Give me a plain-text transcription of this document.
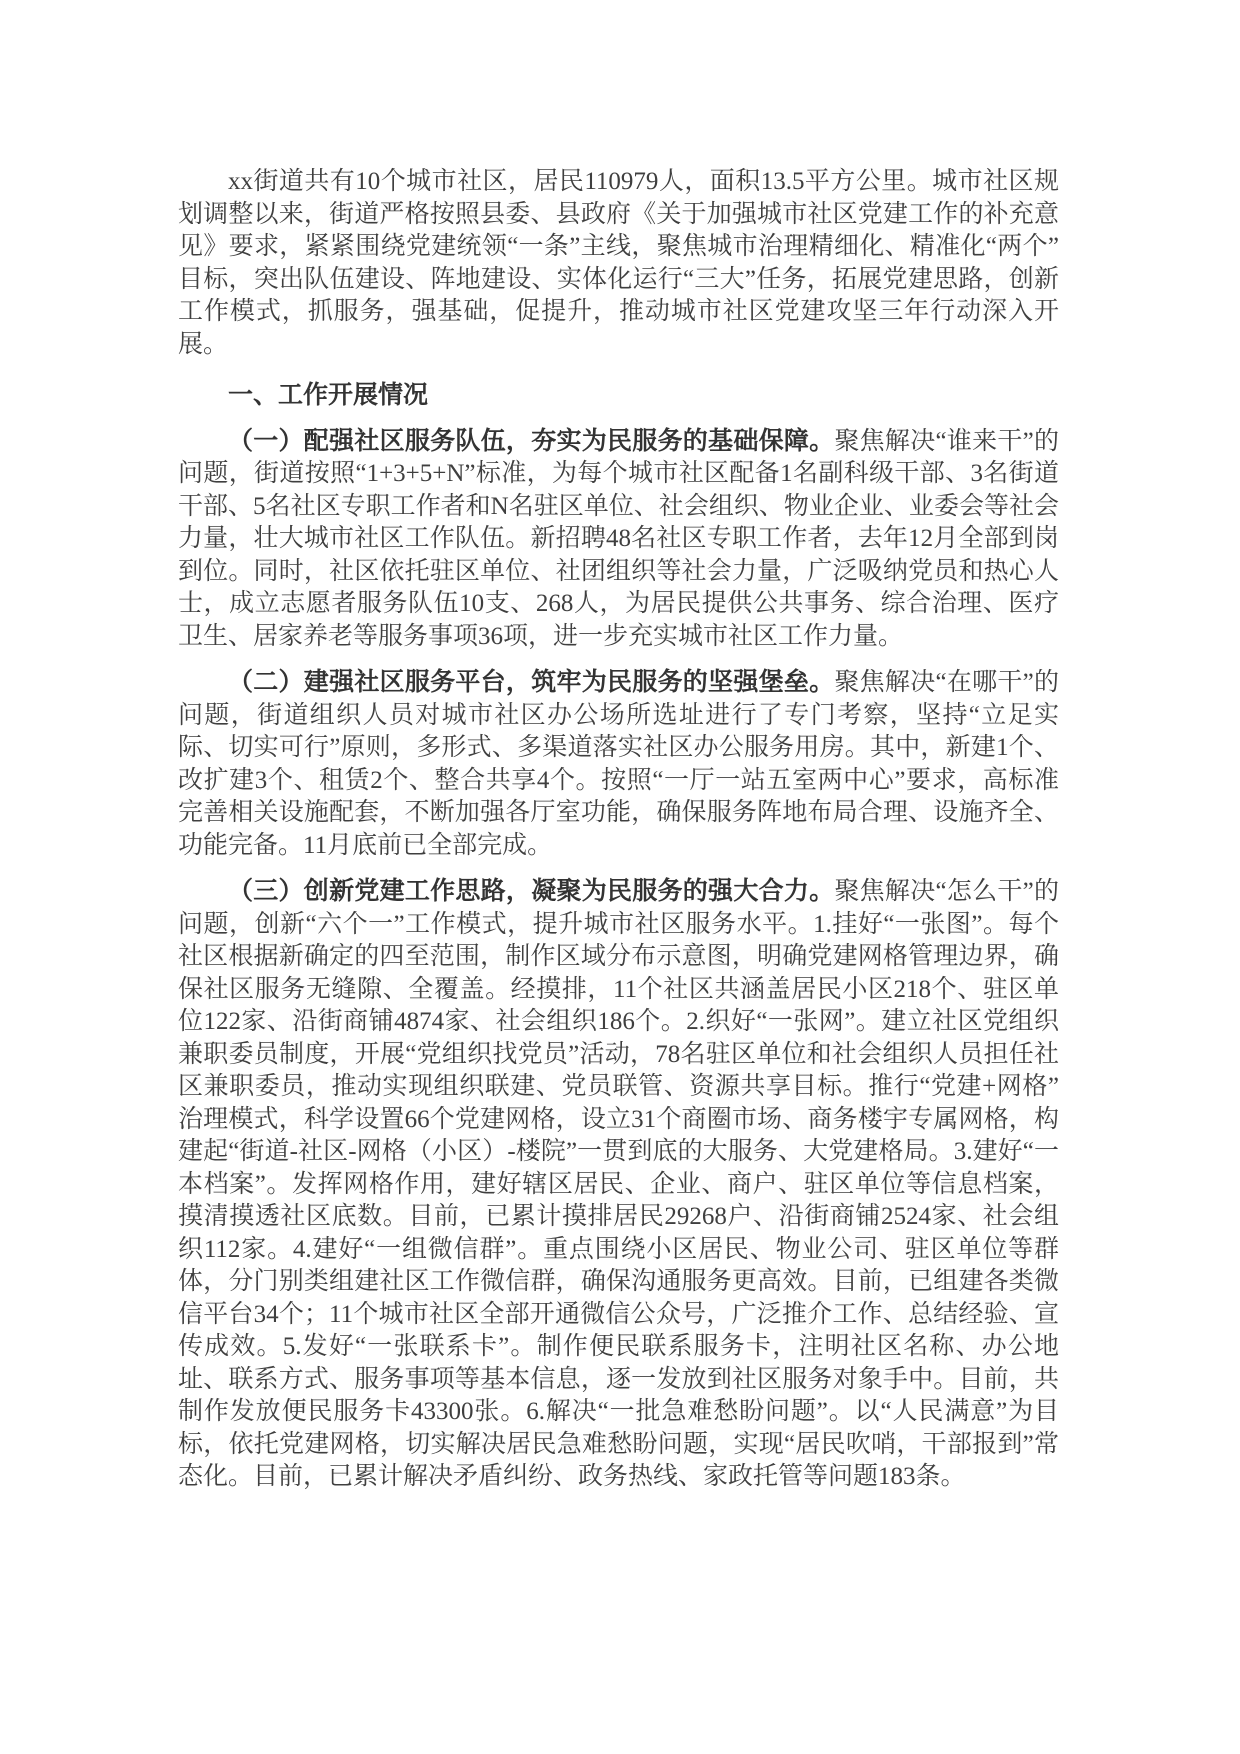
xx街道共有10个城市社区，居民110979人，面积13.5平方公里。城市社区规划调整以来，街道严格按照县委、县政府《关于加强城市社区党建工作的补充意见》要求，紧紧围绕党建统领“一条”主线，聚焦城市治理精细化、精准化“两个”目标，突出队伍建设、阵地建设、实体化运行“三大”任务，拓展党建思路，创新工作模式，抓服务，强基础，促提升，推动城市社区党建攻坚三年行动深入开展。

一、工作开展情况

（一）配强社区服务队伍，夯实为民服务的基础保障。聚焦解决“谁来干”的问题，街道按照“1+3+5+N”标准，为每个城市社区配备1名副科级干部、3名街道干部、5名社区专职工作者和N名驻区单位、社会组织、物业企业、业委会等社会力量，壮大城市社区工作队伍。新招聘48名社区专职工作者，去年12月全部到岗到位。同时，社区依托驻区单位、社团组织等社会力量，广泛吸纳党员和热心人士，成立志愿者服务队伍10支、268人，为居民提供公共事务、综合治理、医疗卫生、居家养老等服务事项36项，进一步充实城市社区工作力量。

（二）建强社区服务平台，筑牢为民服务的坚强堡垒。聚焦解决“在哪干”的问题，街道组织人员对城市社区办公场所选址进行了专门考察，坚持“立足实际、切实可行”原则，多形式、多渠道落实社区办公服务用房。其中，新建1个、改扩建3个、租赁2个、整合共享4个。按照“一厅一站五室两中心”要求，高标准完善相关设施配套，不断加强各厅室功能，确保服务阵地布局合理、设施齐全、功能完备。11月底前已全部完成。

（三）创新党建工作思路，凝聚为民服务的强大合力。聚焦解决“怎么干”的问题，创新“六个一”工作模式，提升城市社区服务水平。1.挂好“一张图”。每个社区根据新确定的四至范围，制作区域分布示意图，明确党建网格管理边界，确保社区服务无缝隙、全覆盖。经摸排，11个社区共涵盖居民小区218个、驻区单位122家、沿街商铺4874家、社会组织186个。2.织好“一张网”。建立社区党组织兼职委员制度，开展“党组织找党员”活动，78名驻区单位和社会组织人员担任社区兼职委员，推动实现组织联建、党员联管、资源共享目标。推行“党建+网格”治理模式，科学设置66个党建网格，设立31个商圈市场、商务楼宇专属网格，构建起“街道-社区-网格（小区）-楼院”一贯到底的大服务、大党建格局。3.建好“一本档案”。发挥网格作用，建好辖区居民、企业、商户、驻区单位等信息档案，摸清摸透社区底数。目前，已累计摸排居民29268户、沿街商铺2524家、社会组织112家。4.建好“一组微信群”。重点围绕小区居民、物业公司、驻区单位等群体，分门别类组建社区工作微信群，确保沟通服务更高效。目前，已组建各类微信平台34个；11个城市社区全部开通微信公众号，广泛推介工作、总结经验、宣传成效。5.发好“一张联系卡”。制作便民联系服务卡，注明社区名称、办公地址、联系方式、服务事项等基本信息，逐一发放到社区服务对象手中。目前，共制作发放便民服务卡43300张。6.解决“一批急难愁盼问题”。以“人民满意”为目标，依托党建网格，切实解决居民急难愁盼问题，实现“居民吹哨，干部报到”常态化。目前，已累计解决矛盾纠纷、政务热线、家政托管等问题183条。
